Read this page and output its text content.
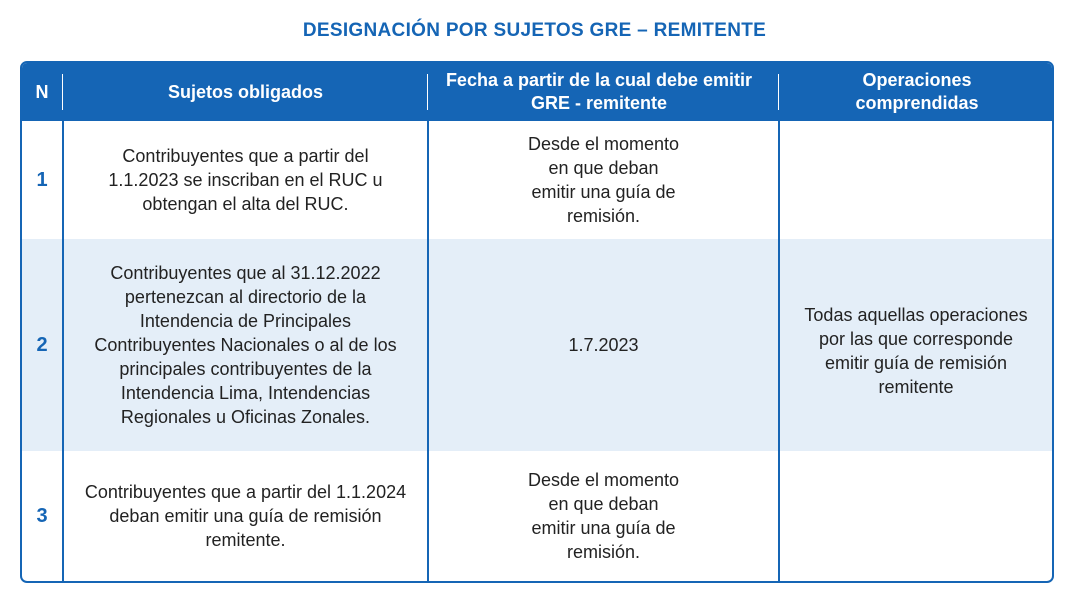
DESIGNACIÓN POR SUJETOS GRE – REMITENTE
N	Sujetos obligados
Fecha a partir de la cual debe emitir GRE - remitente
Operaciones comprendidas
1
Contribuyentes que a partir del 1.1.2023 se inscriban en el RUC u obtengan el alta del RUC.
Desde el momento en que deban emitir una guía de remisión.
2
Contribuyentes que al 31.12.2022 pertenezcan al directorio de la Intendencia de Principales Contribuyentes Nacionales o al de los principales contribuyentes de la Intendencia Lima, Intendencias Regionales u Oficinas Zonales.
1.7.2023
3
Contribuyentes que a partir del 1.1.2024 deban emitir una guía de remisión remitente.
Desde el momento en que deban emitir una guía de remisión.
Todas aquellas operaciones por las que corresponde emitir guía de remisión remitente
